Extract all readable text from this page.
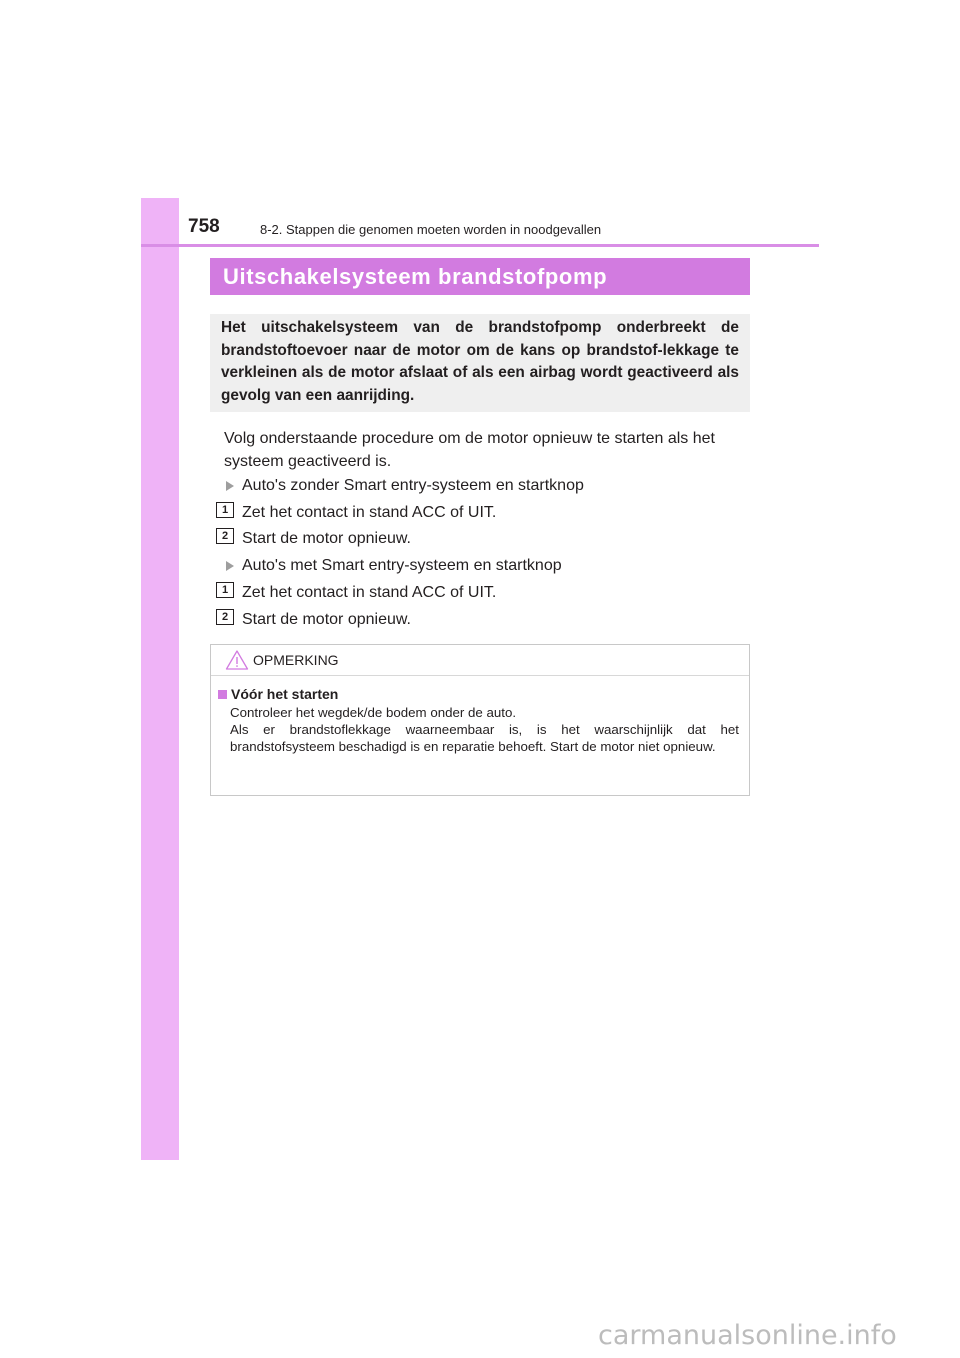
758	8-2. Stappen die genomen moeten worden in noodgevallen
Uitschakelsysteem brandstofpomp

Het uitschakelsysteem van de brandstofpomp onderbreekt de brandstoftoevoer naar de motor om de kans op brandstof-lekkage te verkleinen als de motor afslaat of als een airbag wordt geactiveerd als gevolg van een aanrijding.

Volg onderstaande procedure om de motor opnieuw te starten als het systeem geactiveerd is.

Auto's zonder Smart entry-systeem en startknop
1 Zet het contact in stand ACC of UIT.
2 Start de motor opnieuw.
Auto's met Smart entry-systeem en startknop
1 Zet het contact in stand ACC of UIT.
2 Start de motor opnieuw.
OPMERKING
Vóór het starten

Controleer het wegdek/de bodem onder de auto.
Als er brandstoflekkage waarneembaar is, is het waarschijnlijk dat het brandstofsysteem beschadigd is en reparatie behoeft. Start de motor niet opnieuw.

carmanualsonline.info
